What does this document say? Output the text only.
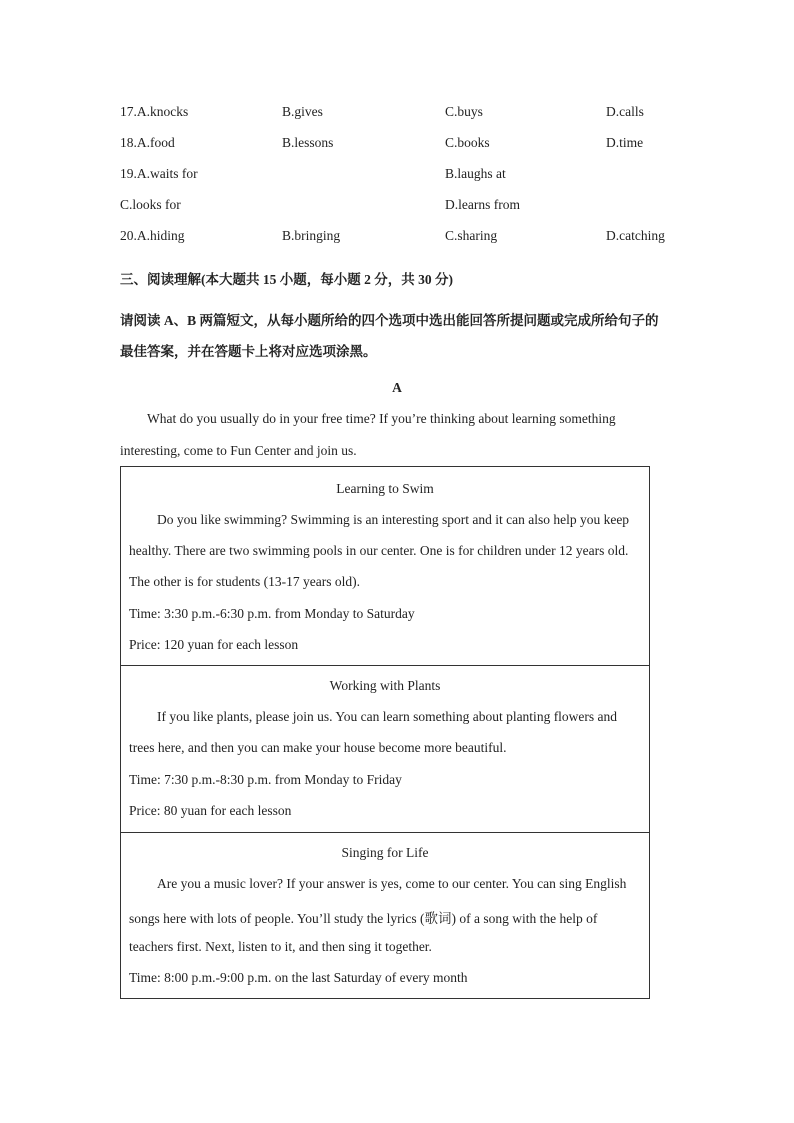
17.A.knocks	B.gives	C.buys	D.calls
18.A.food	B.lessons	C.books	D.time
19.A.waits for	B.laughs at
C.looks for	D.learns from
20.A.hiding	B.bringing	C.sharing	D.catching
三、阅读理解(本大题共 15 小题，每小题 2 分，共 30 分)
请阅读 A、B 两篇短文，从每小题所给的四个选项中选出能回答所提问题或完成所给句子的
最佳答案，并在答题卡上将对应选项涂黑。
A
What do you usually do in your free time? If you’re thinking about learning something
interesting, come to Fun Center and join us.
Learning to Swim
Do you like swimming? Swimming is an interesting sport and it can also help you keep
healthy. There are two swimming pools in our center. One is for children under 12 years old.
The other is for students (13-17 years old).
Time: 3:30 p.m.-6:30 p.m. from Monday to Saturday
Price: 120 yuan for each lesson
Working with Plants
If you like plants, please join us. You can learn something about planting flowers and
trees here, and then you can make your house become more beautiful.
Time: 7:30 p.m.-8:30 p.m. from Monday to Friday
Price: 80 yuan for each lesson
Singing for Life
Are you a music lover? If your answer is yes, come to our center. You can sing English
songs here with lots of people. You’ll study the lyrics (歌词) of a song with the help of
teachers first. Next, listen to it, and then sing it together.
Time: 8:00 p.m.-9:00 p.m. on the last Saturday of every month
